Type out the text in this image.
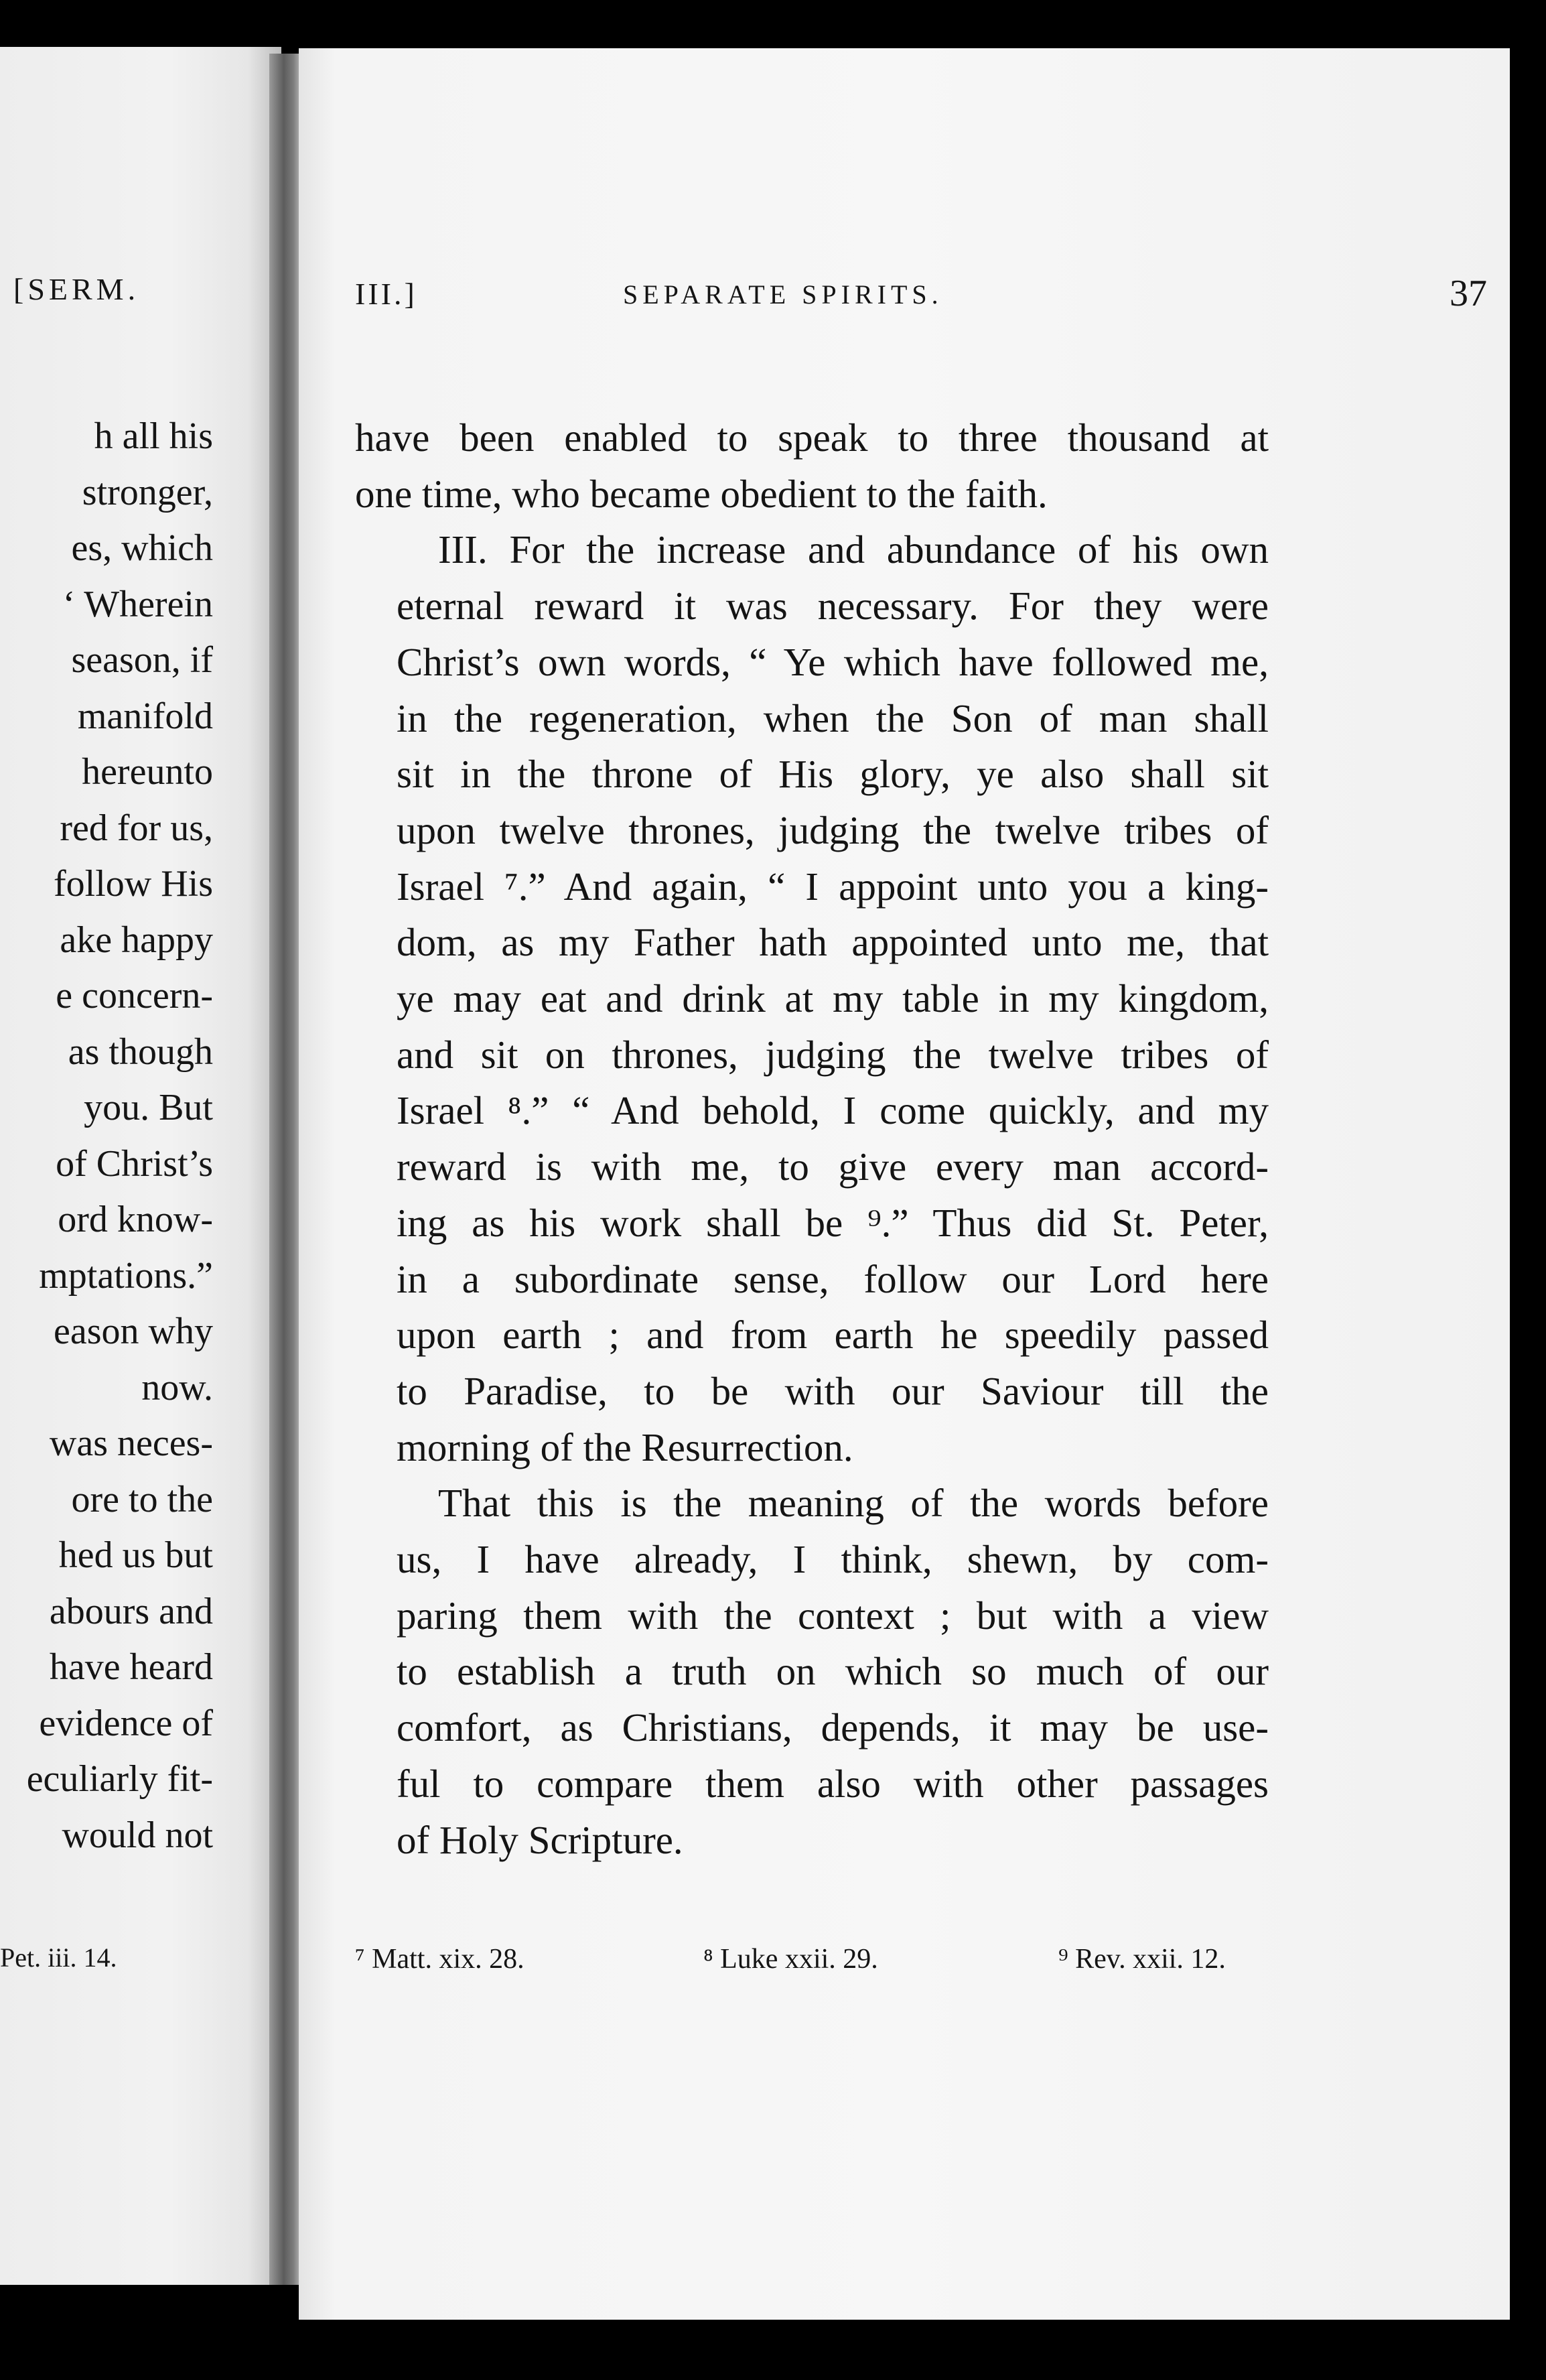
[SERM.
h all his
stronger,
es, which
‘ Wherein
season, if
manifold
hereunto
red for us,
follow His
ake happy
e concern-
as though
you. But
of Christ’s
ord know-
mptations.”
eason why
now.
was neces-
ore to the
hed us but
abours and
have heard
evidence of
eculiarly fit-
would not
Pet. iii. 14.
III.]	SEPARATE SPIRITS.	37
have been enabled to speak to three thousand at
one time, who became obedient to the faith.
III. For the increase and abundance of his own
eternal reward it was necessary. For they were
Christ’s own words, “ Ye which have followed me,
in the regeneration, when the Son of man shall
sit in the throne of His glory, ye also shall sit
upon twelve thrones, judging the twelve tribes of
Israel ⁷.” And again, “ I appoint unto you a king-
dom, as my Father hath appointed unto me, that
ye may eat and drink at my table in my kingdom,
and sit on thrones, judging the twelve tribes of
Israel ⁸.” “ And behold, I come quickly, and my
reward is with me, to give every man accord-
ing as his work shall be ⁹.” Thus did St. Peter,
in a subordinate sense, follow our Lord here
upon earth ; and from earth he speedily passed
to Paradise, to be with our Saviour till the
morning of the Resurrection.
That this is the meaning of the words before
us, I have already, I think, shewn, by com-
paring them with the context ; but with a view
to establish a truth on which so much of our
comfort, as Christians, depends, it may be use-
ful to compare them also with other passages
of Holy Scripture.
⁷ Matt. xix. 28.	⁸ Luke xxii. 29.	⁹ Rev. xxii. 12.
